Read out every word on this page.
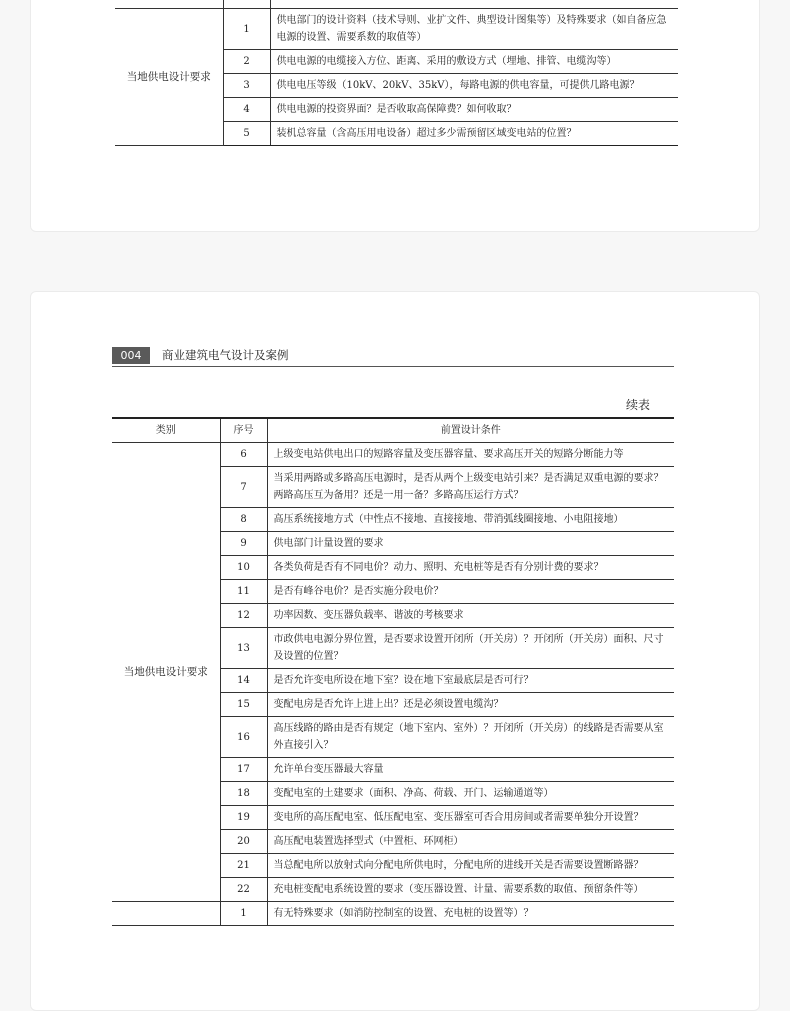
当地供电设计要求	1	供电部门的设计资料（技术导则、业扩文件、典型设计图集等）及特殊要求（如自备应急电源的设置、需要系数的取值等）
	2	供电电源的电缆接入方位、距离、采用的敷设方式（埋地、排管、电缆沟等）
	3	供电电压等级（10kV、20kV、35kV），每路电源的供电容量，可提供几路电源？
	4	供电电源的投资界面？是否收取高保障费？如何收取？
	5	装机总容量（含高压用电设备）超过多少需预留区域变电站的位置？
004	商业建筑电气设计及案例
续表
类别	序号	前置设计条件
当地供电设计要求	6	上级变电站供电出口的短路容量及变压器容量、要求高压开关的短路分断能力等
	7	当采用两路或多路高压电源时，是否从两个上级变电站引来？是否满足双重电源的要求？两路高压互为备用？还是一用一备？多路高压运行方式？
	8	高压系统接地方式（中性点不接地、直接接地、带消弧线圈接地、小电阻接地）
	9	供电部门计量设置的要求
	10	各类负荷是否有不同电价？动力、照明、充电桩等是否有分别计费的要求？
	11	是否有峰谷电价？是否实施分段电价？
	12	功率因数、变压器负载率、谐波的考核要求
	13	市政供电电源分界位置，是否要求设置开闭所（开关房）？开闭所（开关房）面积、尺寸及设置的位置？
	14	是否允许变电所设在地下室？设在地下室最底层是否可行？
	15	变配电房是否允许上进上出？还是必须设置电缆沟？
	16	高压线路的路由是否有规定（地下室内、室外）？开闭所（开关房）的线路是否需要从室外直接引入？
	17	允许单台变压器最大容量
	18	变配电室的土建要求（面积、净高、荷载、开门、运输通道等）
	19	变电所的高压配电室、低压配电室、变压器室可否合用房间或者需要单独分开设置？
	20	高压配电装置选择型式（中置柜、环网柜）
	21	当总配电所以放射式向分配电所供电时，分配电所的进线开关是否需要设置断路器？
	22	充电桩变配电系统设置的要求（变压器设置、计量、需要系数的取值、预留条件等）
	1	有无特殊要求（如消防控制室的设置、充电桩的设置等）？
